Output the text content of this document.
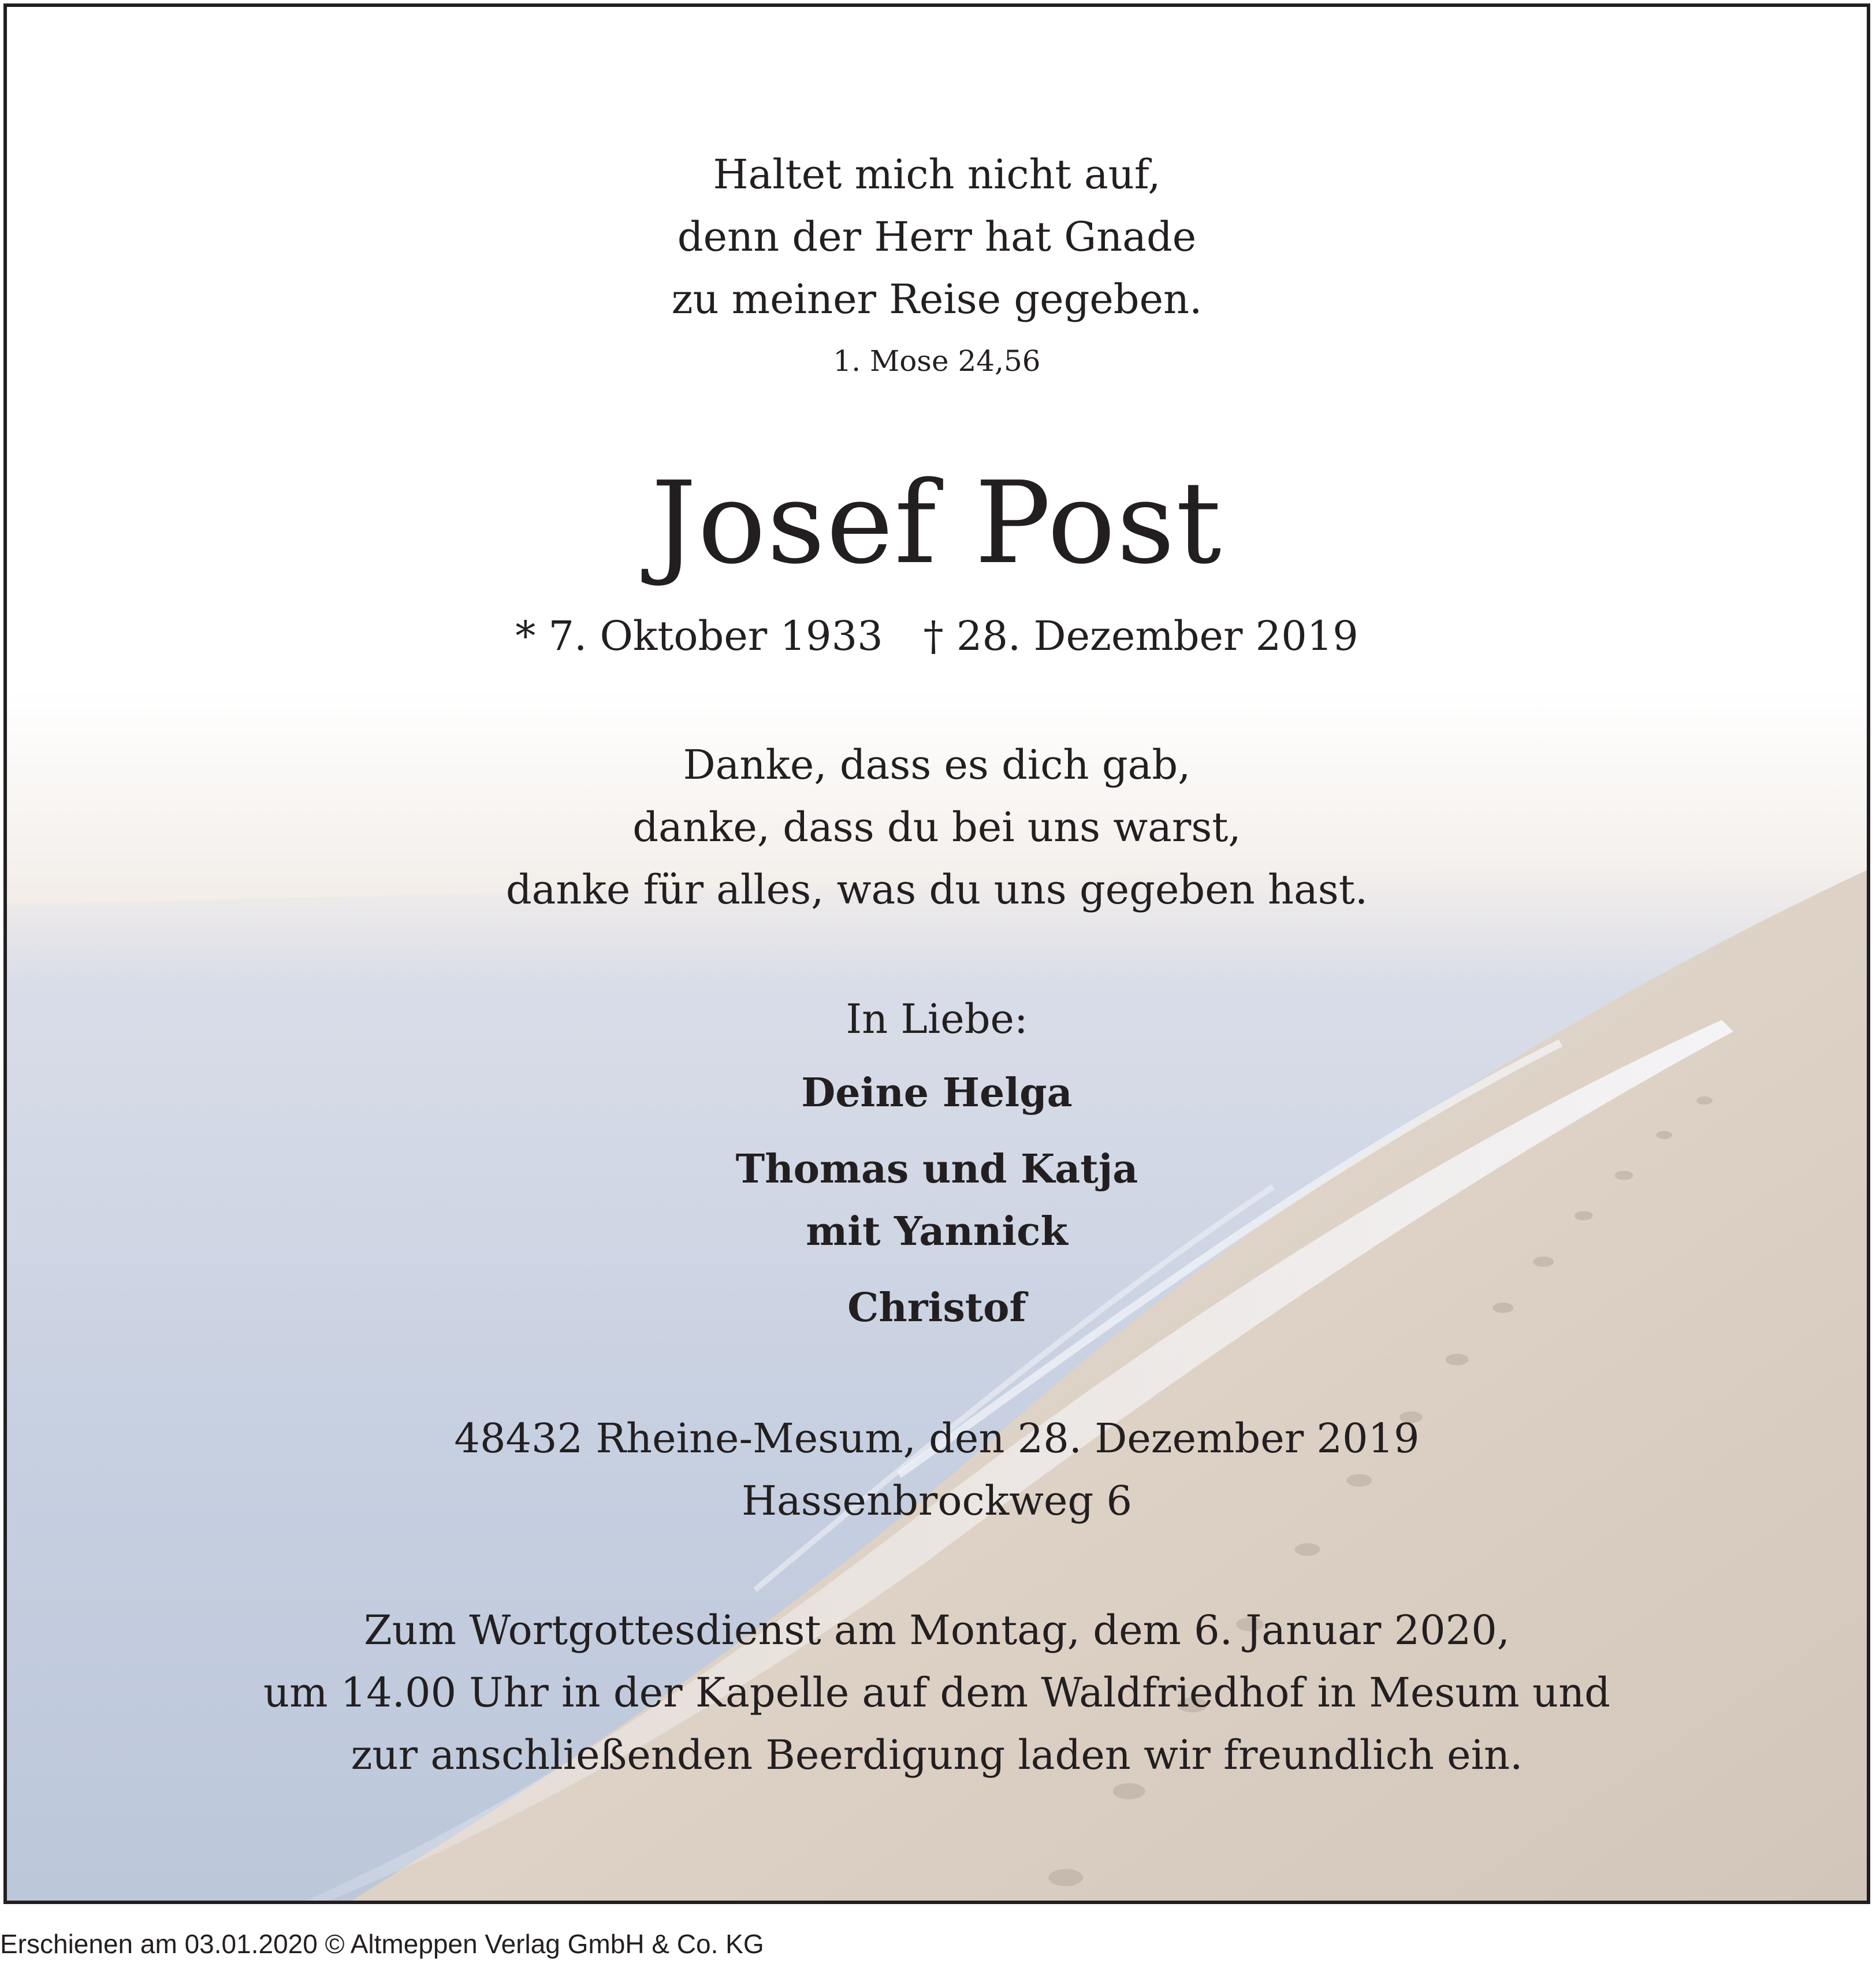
Haltet mich nicht auf,
denn der Herr hat Gnade
zu meiner Reise gegeben.
1. Mose 24,56
Josef Post
* 7. Oktober 1933 † 28. Dezember 2019
Danke, dass es dich gab,
danke, dass du bei uns warst,
danke für alles, was du uns gegeben hast.
In Liebe:
Deine Helga
Thomas und Katja
mit Yannick
Christof
48432 Rheine-Mesum, den 28. Dezember 2019
Hassenbrockweg 6
Zum Wortgottesdienst am Montag, dem 6. Januar 2020,
um 14.00 Uhr in der Kapelle auf dem Waldfriedhof in Mesum und
zur anschließenden Beerdigung laden wir freundlich ein.
Erschienen am 03.01.2020 © Altmeppen Verlag GmbH & Co. KG
